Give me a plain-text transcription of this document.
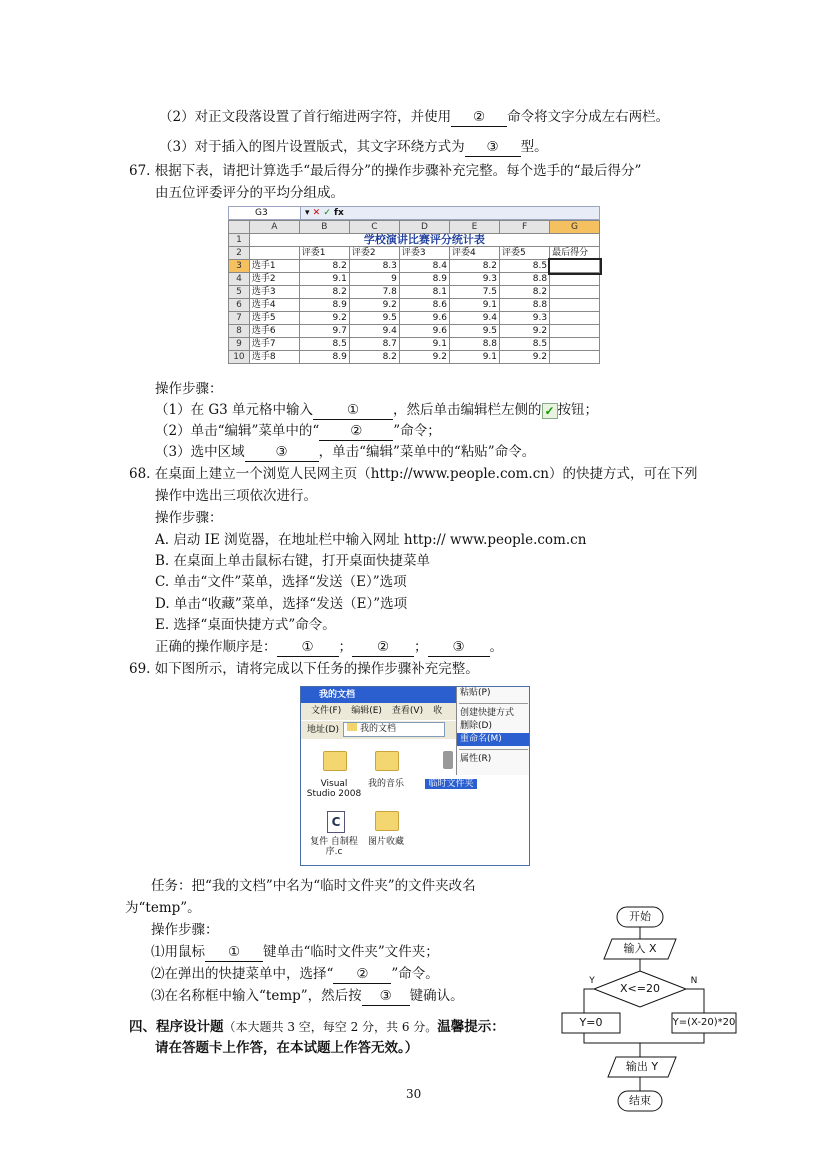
（2）对正文段落设置了首行缩进两字符，并使用 ② 命令将文字分成左右两栏。
（3）对于插入的图片设置版式，其文字环绕方式为 ③ 型。
67. 根据下表，请把计算选手“最后得分”的操作步骤补充完整。每个选手的“最后得分”
由五位评委评分的平均分组成。
G3	▾ ✕ ✓ fx
	A	B	C	D	E	F	G
1	学校演讲比赛评分统计表						
2		评委1	评委2	评委3	评委4	评委5	最后得分
3	选手1	8.2	8.3	8.4	8.2	8.5	
4	选手2	9.1	9	8.9	9.3	8.8	
5	选手3	8.2	7.8	8.1	7.5	8.2	
6	选手4	8.9	9.2	8.6	9.1	8.8	
7	选手5	9.2	9.5	9.6	9.4	9.3	
8	选手6	9.7	9.4	9.6	9.5	9.2	
9	选手7	8.5	8.7	9.1	8.8	8.5	
10	选手8	8.9	8.2	9.2	9.1	9.2	
操作步骤：
（1）在 G3 单元格中输入	①	，然后单击编辑栏左侧的 ✓ 按钮；
（2）单击“编辑”菜单中的“ ② ”命令；
（3）选中区域 ③ ，单击“编辑”菜单中的“粘贴”命令。
68. 在桌面上建立一个浏览人民网主页（http://www.people.com.cn）的快捷方式，可在下列
操作中选出三项依次进行。
操作步骤：
A. 启动 IE 浏览器，在地址栏中输入网址 http:// www.people.com.cn
B. 在桌面上单击鼠标右键，打开桌面快捷菜单
C. 单击“文件”菜单，选择“发送（E）”选项
D. 单击“收藏”菜单，选择“发送（E）”选项
E. 选择“桌面快捷方式”命令。
正确的操作顺序是： ① ； ② ； ③ 。
69. 如下图所示，请将完成以下任务的操作步骤补充完整。
我的文档
文件(F) 编辑(E) 查看(V) 收
地址(D) 我的文档
粘贴(P)
创建快捷方式
删除(D)
重命名(M)
属性(R)
Visual Studio 2008
我的音乐	临时文件夹
C
复件 自制程序.c
图片收藏
任务：把“我的文档”中名为“临时文件夹”的文件夹改名
为“temp”。
操作步骤：
⑴用鼠标 ① 键单击“临时文件夹”文件夹；
⑵在弹出的快捷菜单中，选择“ ② ”命令。
⑶在名称框中输入“temp”，然后按 ③ 键确认。
四、程序设计题（本大题共 3 空，每空 2 分，共 6 分。温馨提示：
请在答题卡上作答，在本试题上作答无效。）
30
开始
输入 X
X<=20
Y	N
Y=0	Y=(X-20)*20
输出 Y
结束
